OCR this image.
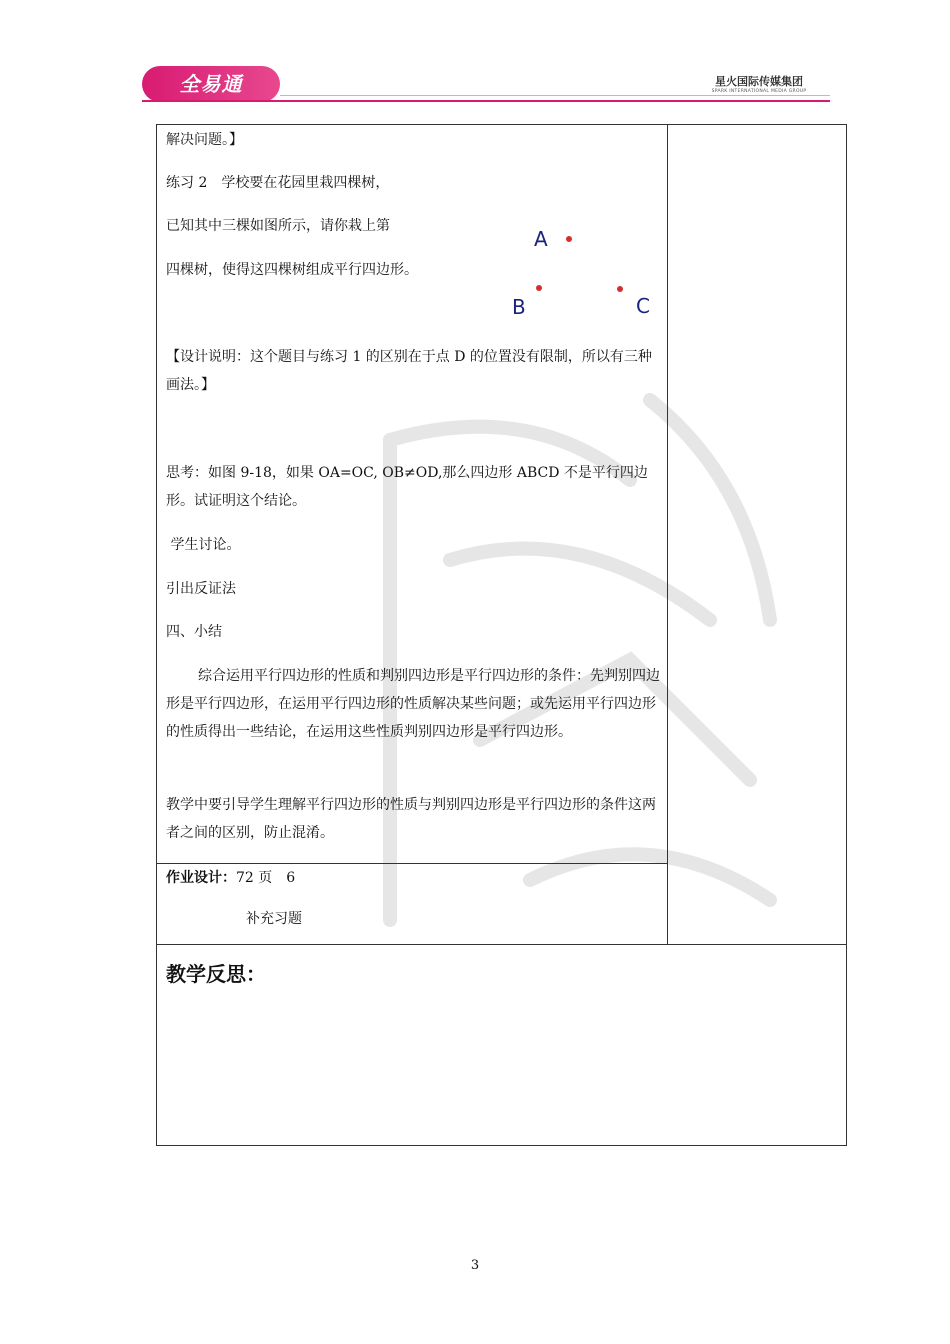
全易通	星火国际传媒集团
SPARK INTERNATIONAL MEDIA GROUP
解决问题。】
练习 2　学校要在花园里栽四棵树，
已知其中三棵如图所示，请你栽上第
四棵树，使得这四棵树组成平行四边形。
A
B	C
【设计说明：这个题目与练习 1 的区别在于点 D 的位置没有限制，所以有三种画法。】
思考：如图 9-18，如果 OA=OC, OB≠OD,那么四边形 ABCD 不是平行四边形。试证明这个结论。
学生讨论。
引出反证法
四、小结
综合运用平行四边形的性质和判别四边形是平行四边形的条件：先判别四边形是平行四边形，在运用平行四边形的性质解决某些问题；或先运用平行四边形的性质得出一些结论，在运用这些性质判别四边形是平行四边形。
教学中要引导学生理解平行四边形的性质与判别四边形是平行四边形的条件这两者之间的区别，防止混淆。
作业设计：72 页　6
补充习题
教学反思：
3
